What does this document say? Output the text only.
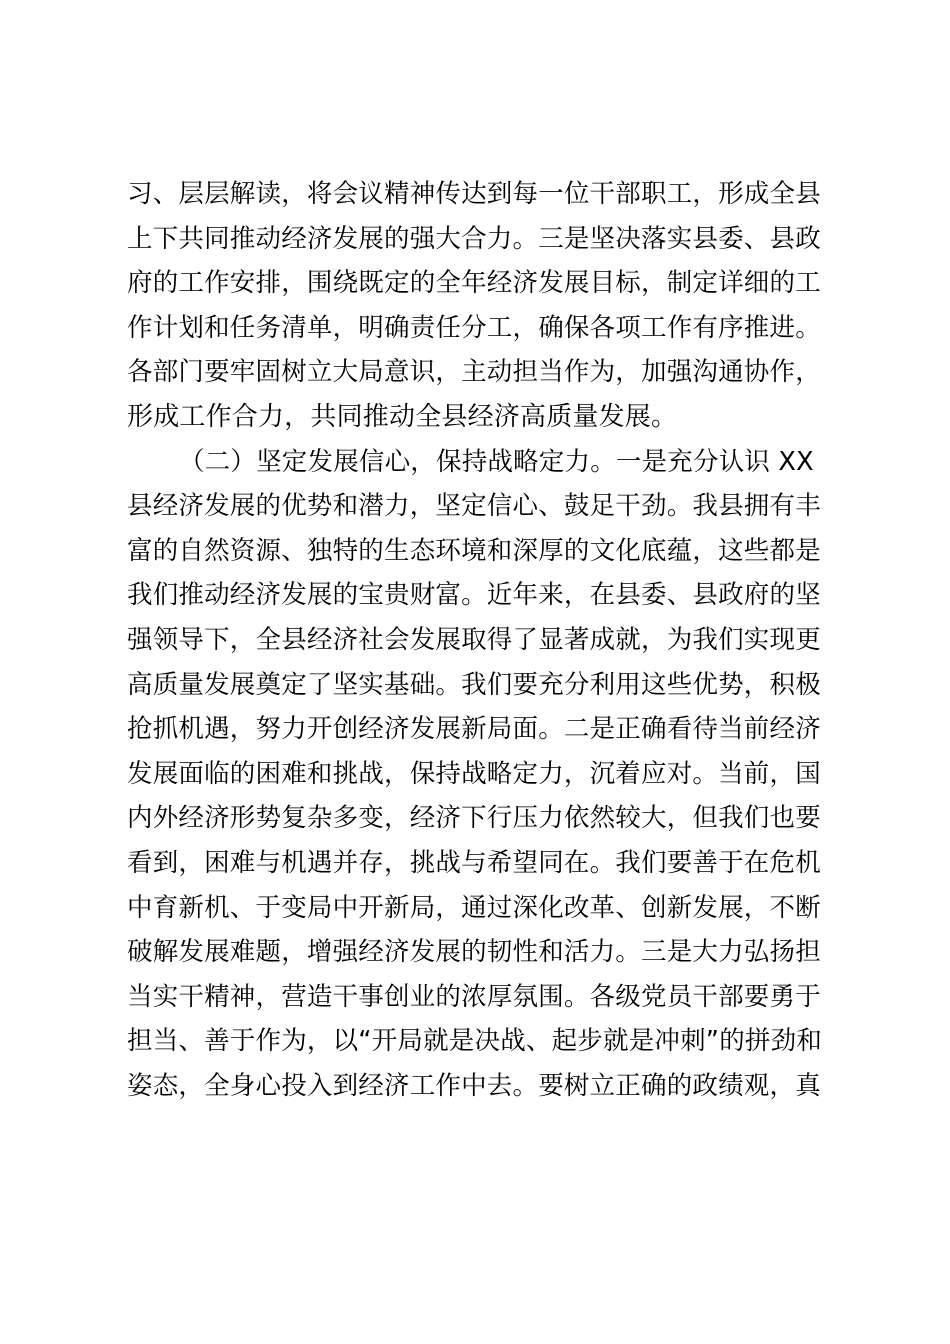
习、层层解读，将会议精神传达到每一位干部职工，形成全县
上下共同推动经济发展的强大合力。三是坚决落实县委、县政
府的工作安排，围绕既定的全年经济发展目标，制定详细的工
作计划和任务清单，明确责任分工，确保各项工作有序推进。
各部门要牢固树立大局意识，主动担当作为，加强沟通协作，
形成工作合力，共同推动全县经济高质量发展。
（二）坚定发展信心，保持战略定力。一是充分认识 XX
县经济发展的优势和潜力，坚定信心、鼓足干劲。我县拥有丰
富的自然资源、独特的生态环境和深厚的文化底蕴，这些都是
我们推动经济发展的宝贵财富。近年来，在县委、县政府的坚
强领导下，全县经济社会发展取得了显著成就，为我们实现更
高质量发展奠定了坚实基础。我们要充分利用这些优势，积极
抢抓机遇，努力开创经济发展新局面。二是正确看待当前经济
发展面临的困难和挑战，保持战略定力，沉着应对。当前，国
内外经济形势复杂多变，经济下行压力依然较大，但我们也要
看到，困难与机遇并存，挑战与希望同在。我们要善于在危机
中育新机、于变局中开新局，通过深化改革、创新发展，不断
破解发展难题，增强经济发展的韧性和活力。三是大力弘扬担
当实干精神，营造干事创业的浓厚氛围。各级党员干部要勇于
担当、善于作为，以“开局就是决战、起步就是冲刺”的拼劲和
姿态，全身心投入到经济工作中去。要树立正确的政绩观，真
